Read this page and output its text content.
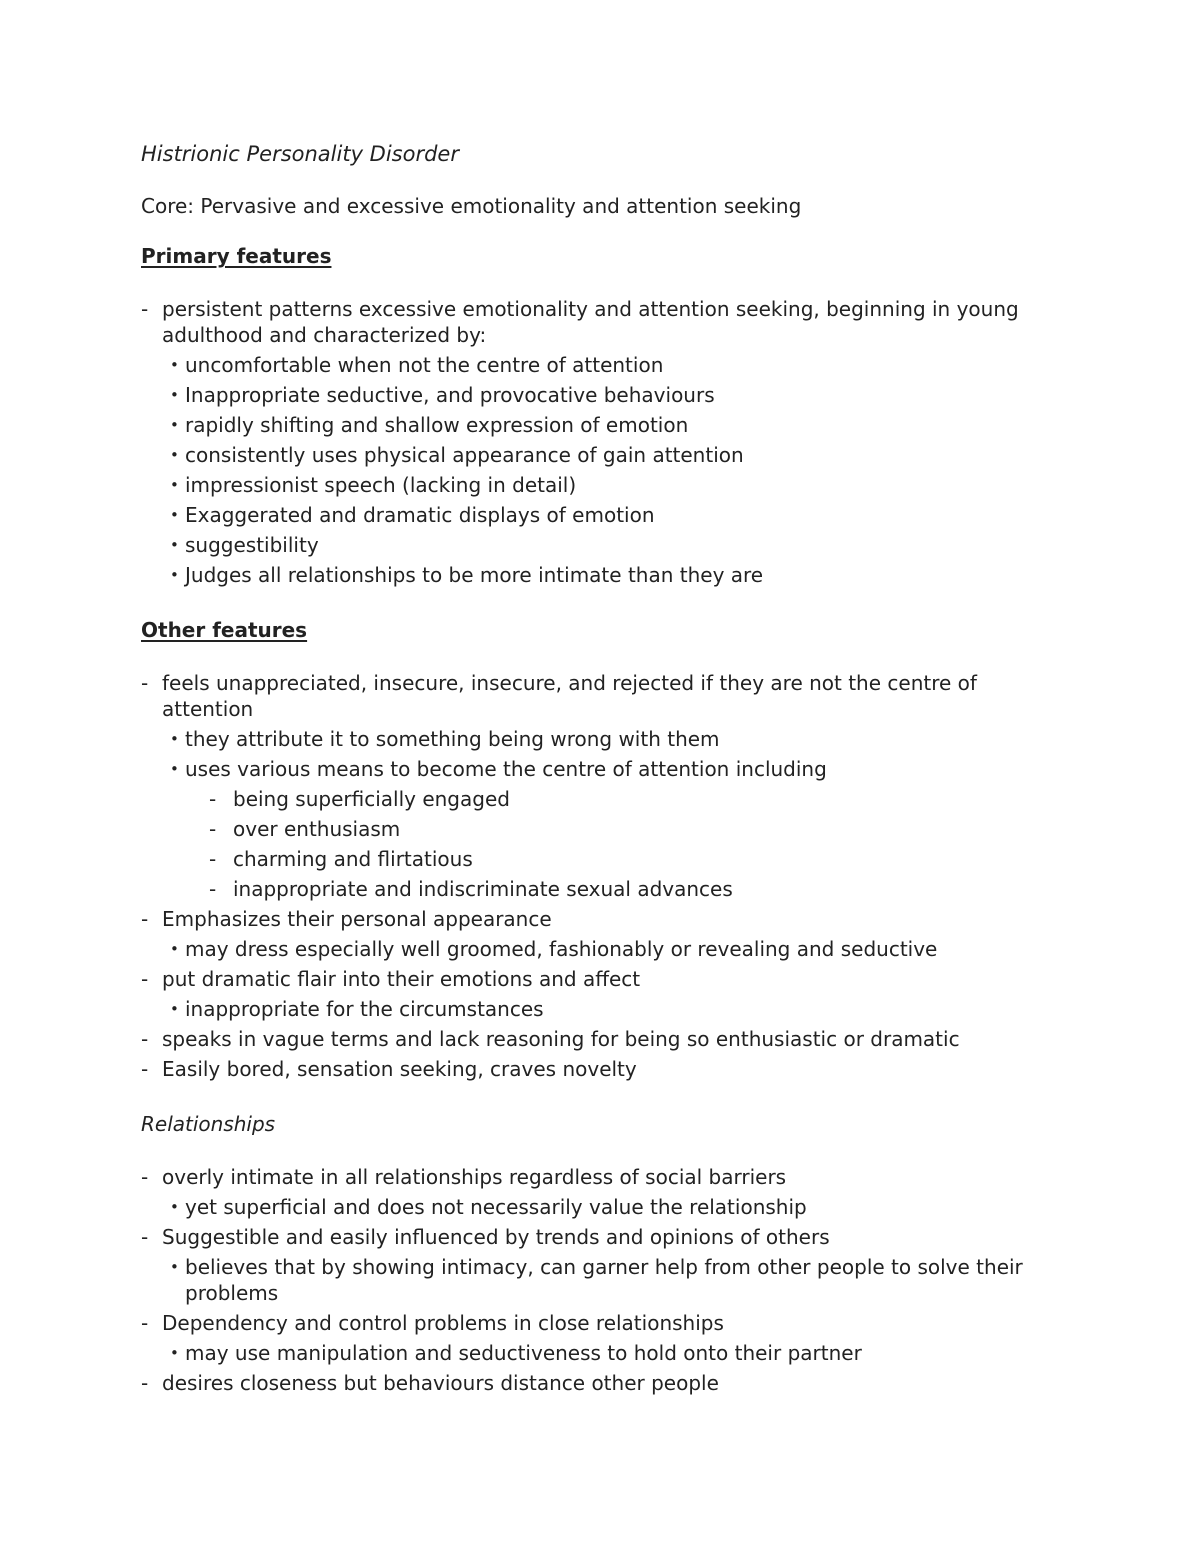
Histrionic Personality Disorder
Core: Pervasive and excessive emotionality and attention seeking
Primary features
- persistent patterns excessive emotionality and attention seeking, beginning in young adulthood and characterized by:
• uncomfortable when not the centre of attention
• Inappropriate seductive, and provocative behaviours
• rapidly shifting and shallow expression of emotion
• consistently uses physical appearance of gain attention
• impressionist speech (lacking in detail)
• Exaggerated and dramatic displays of emotion
• suggestibility
• Judges all relationships to be more intimate than they are
Other features
- feels unappreciated, insecure, insecure, and rejected if they are not the centre of attention
• they attribute it to something being wrong with them
• uses various means to become the centre of attention including
- being superficially engaged
- over enthusiasm
- charming and flirtatious
- inappropriate and indiscriminate sexual advances
- Emphasizes their personal appearance
• may dress especially well groomed, fashionably or revealing and seductive
- put dramatic flair into their emotions and affect
• inappropriate for the circumstances
- speaks in vague terms and lack reasoning for being so enthusiastic or dramatic
- Easily bored, sensation seeking, craves novelty
Relationships
- overly intimate in all relationships regardless of social barriers
• yet superficial and does not necessarily value the relationship
- Suggestible and easily influenced by trends and opinions of others
• believes that by showing intimacy, can garner help from other people to solve their problems
- Dependency and control problems in close relationships
• may use manipulation and seductiveness to hold onto their partner
- desires closeness but behaviours distance other people
